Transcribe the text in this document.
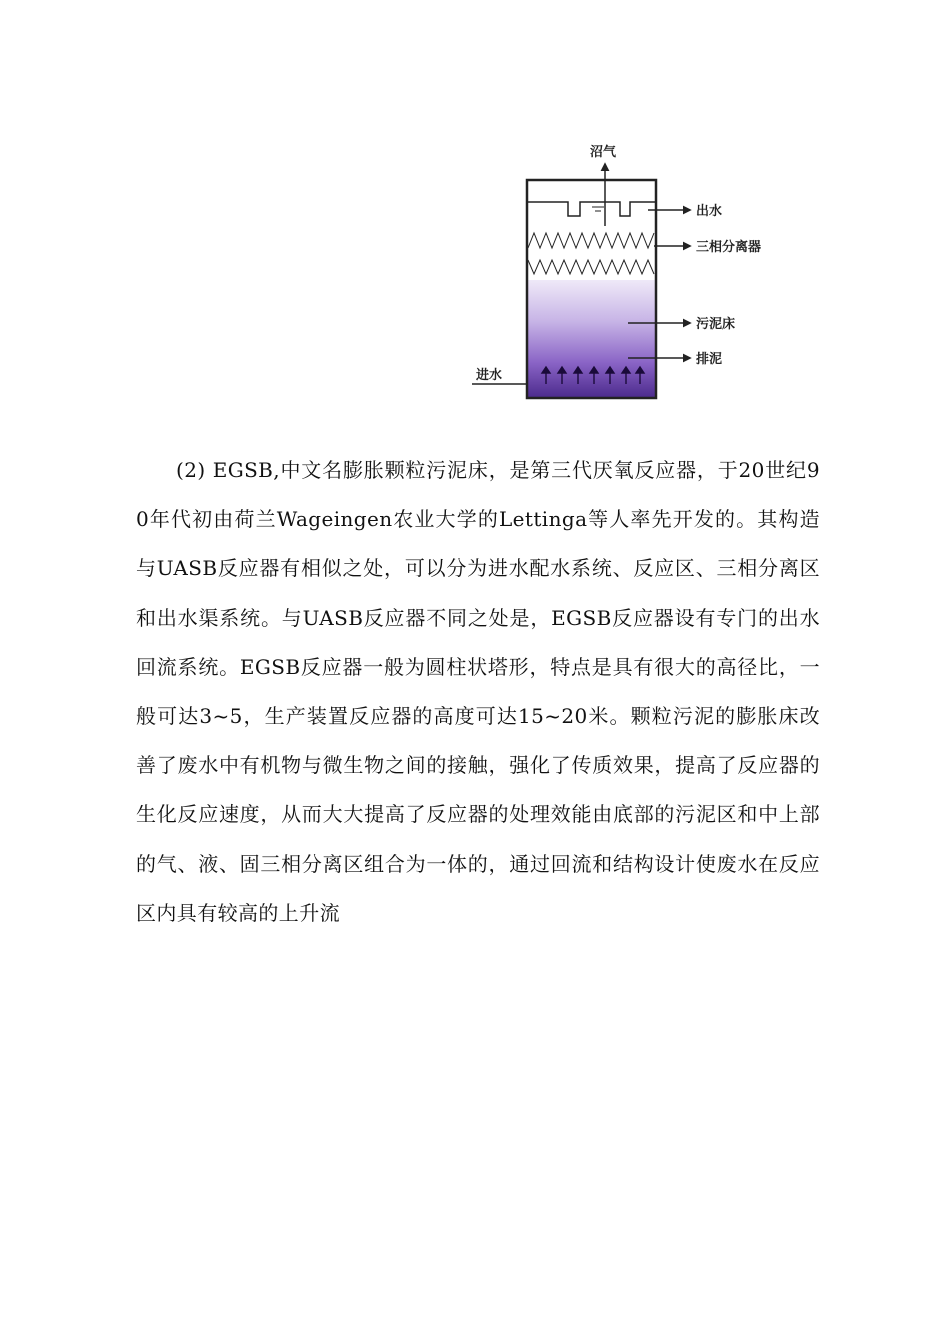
沼气
进水
出水
三相分离器
污泥床
排泥

(2) EGSB,中文名膨胀颗粒污泥床，是第三代厌氧反应器，于20世纪90年代初由荷兰Wageingen农业大学的Lettinga等人率先开发的。其构造与UASB反应器有相似之处，可以分为进水配水系统、反应区、三相分离区和出水渠系统。与UASB反应器不同之处是，EGSB反应器设有专门的出水回流系统。EGSB反应器一般为圆柱状塔形，特点是具有很大的高径比，一般可达3~5，生产装置反应器的高度可达15~20米。颗粒污泥的膨胀床改善了废水中有机物与微生物之间的接触，强化了传质效果，提高了反应器的生化反应速度，从而大大提高了反应器的处理效能由底部的污泥区和中上部的气、液、固三相分离区组合为一体的，通过回流和结构设计使废水在反应区内具有较高的上升流
